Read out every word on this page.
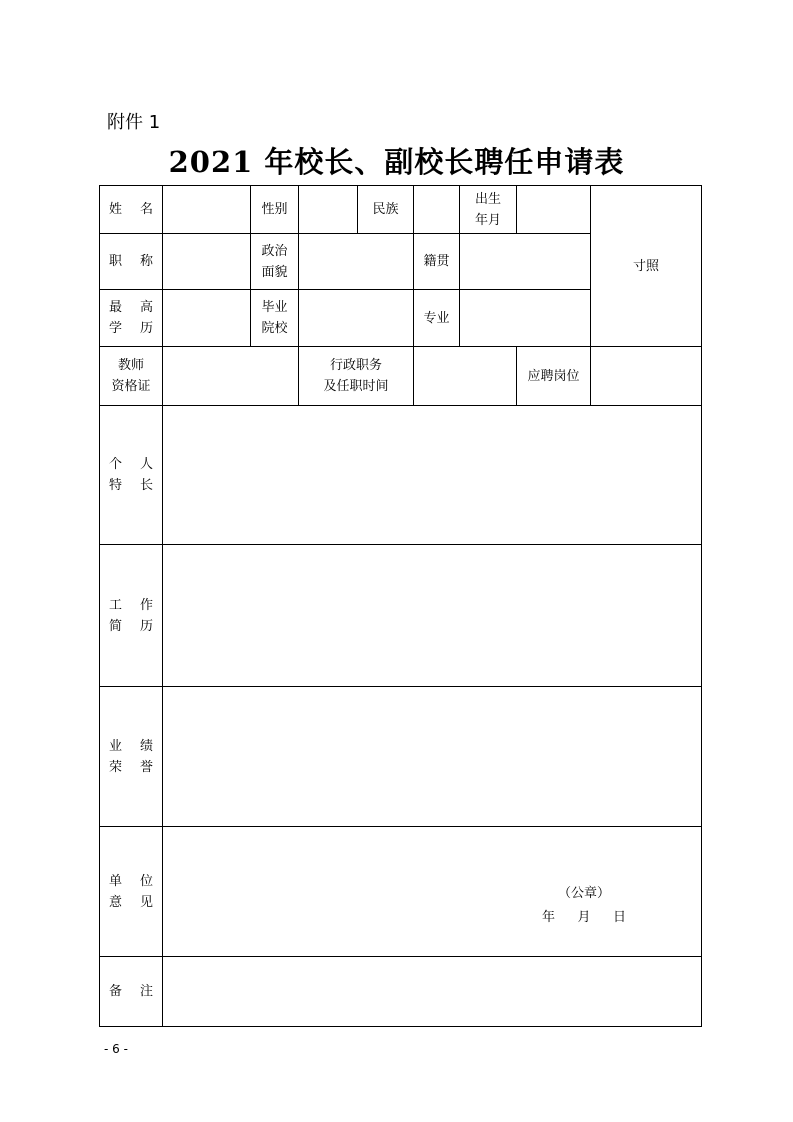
附件 1
2021 年校长、副校长聘任申请表
姓 名	性别	民族
出生
年月
寸照
职 称
政治
面貌
籍贯
最 高
学 历
毕业
院校
专业
教师
资格证
行政职务
及任职时间
应聘岗位
个 人
特 长
工 作
简 历
业 绩
荣 誉
单 位
意 见
备 注
（公章）
年 月 日
- 6 -
